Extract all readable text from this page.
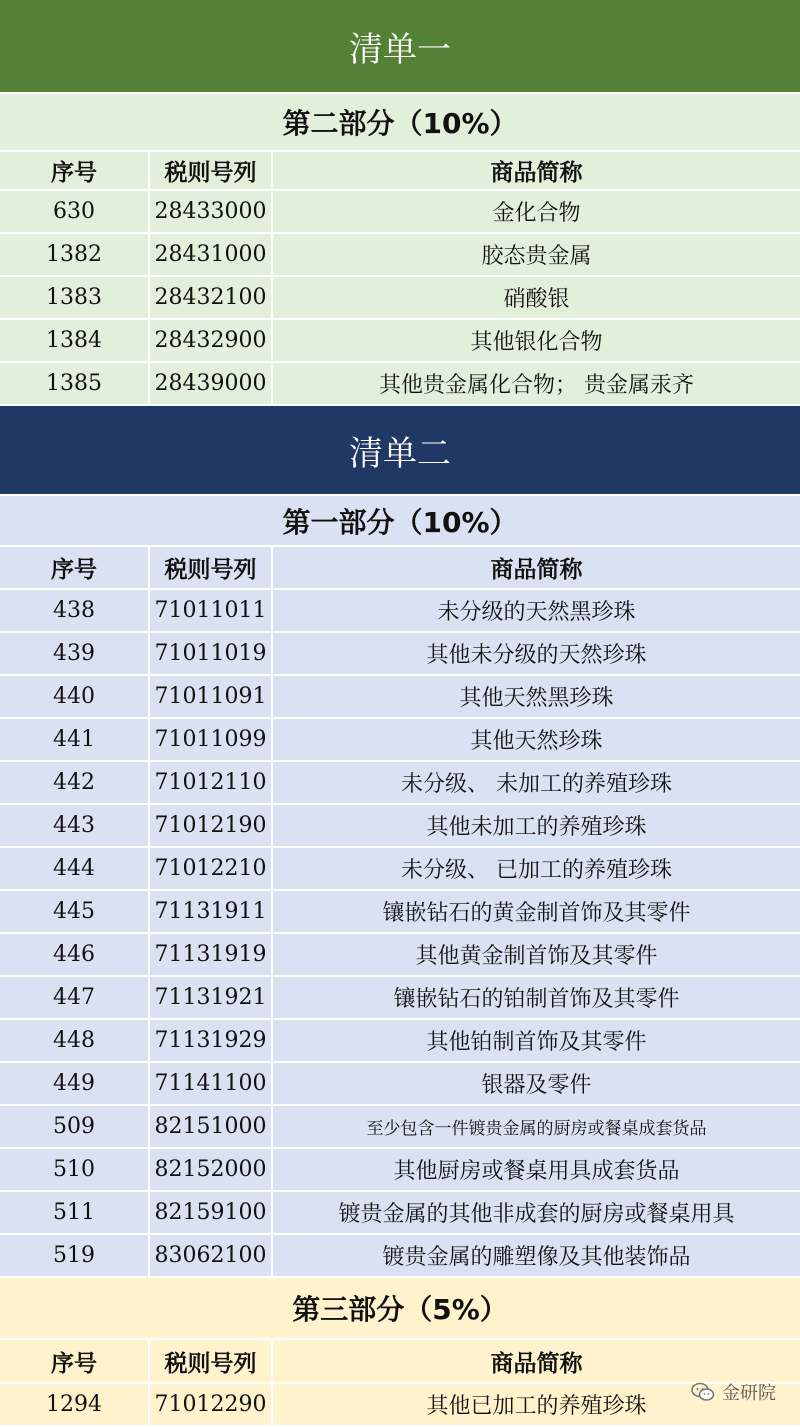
清单一
第二部分（10%）
序号	税则号列	商品简称
630	28433000	金化合物
1382	28431000	胶态贵金属
1383	28432100	硝酸银
1384	28432900	其他银化合物
1385	28439000	其他贵金属化合物； 贵金属汞齐
清单二
第一部分（10%）
序号	税则号列	商品简称
438	71011011	未分级的天然黑珍珠
439	71011019	其他未分级的天然珍珠
440	71011091	其他天然黑珍珠
441	71011099	其他天然珍珠
442	71012110	未分级、 未加工的养殖珍珠
443	71012190	其他未加工的养殖珍珠
444	71012210	未分级、 已加工的养殖珍珠
445	71131911	镶嵌钻石的黄金制首饰及其零件
446	71131919	其他黄金制首饰及其零件
447	71131921	镶嵌钻石的铂制首饰及其零件
448	71131929	其他铂制首饰及其零件
449	71141100	银器及零件
509	82151000	至少包含一件镀贵金属的厨房或餐桌成套货品
510	82152000	其他厨房或餐桌用具成套货品
511	82159100	镀贵金属的其他非成套的厨房或餐桌用具
519	83062100	镀贵金属的雕塑像及其他装饰品
第三部分（5%）
序号	税则号列	商品简称
1294	71012290	其他已加工的养殖珍珠
金研院
